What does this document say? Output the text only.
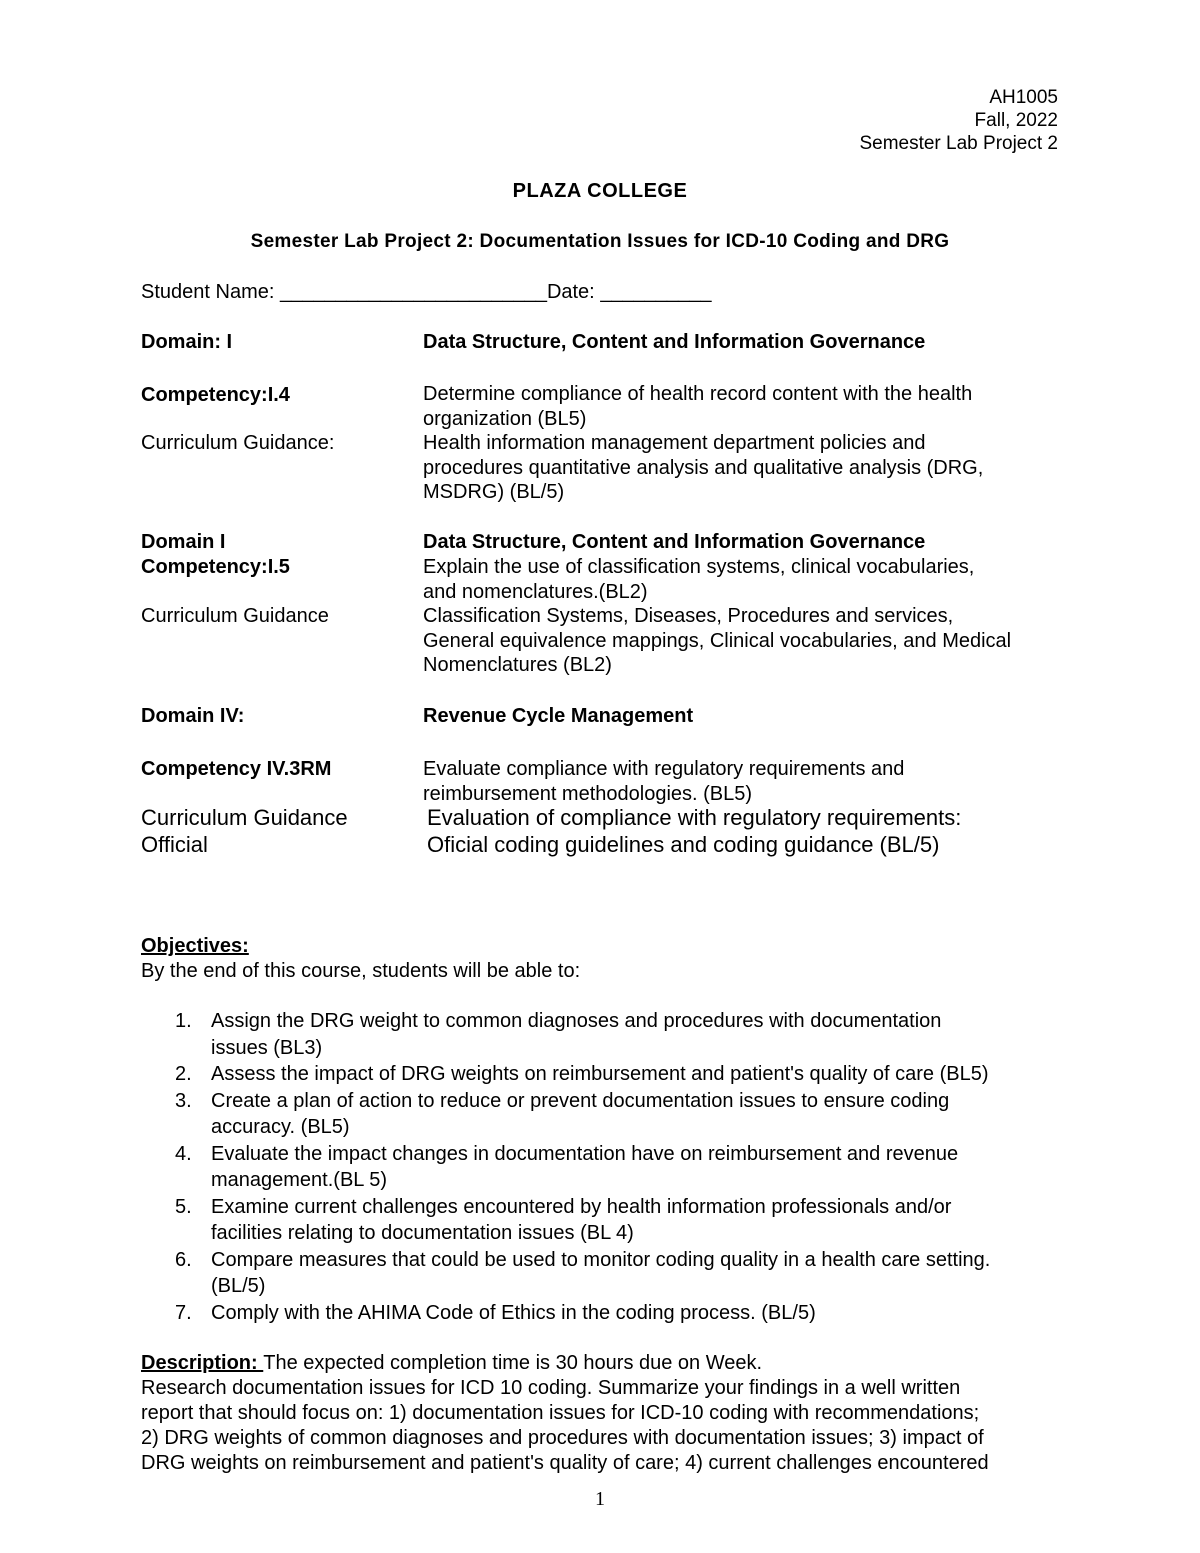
AH1005
Fall, 2022
Semester Lab Project 2
PLAZA COLLEGE
Semester Lab Project 2: Documentation Issues for ICD-10 Coding and DRG
Student Name: ________________________Date: __________
Domain: I	Data Structure, Content and Information Governance
Competency:I.4	Determine compliance of health record content with the health
organization (BL5)
Curriculum Guidance:	Health information management department policies and
procedures quantitative analysis and qualitative analysis (DRG,
MSDRG) (BL/5)
Domain I	Data Structure, Content and Information Governance
Competency:I.5	Explain the use of classification systems, clinical vocabularies,
and nomenclatures.(BL2)
Curriculum Guidance	Classification Systems, Diseases, Procedures and services,
General equivalence mappings, Clinical vocabularies, and Medical
Nomenclatures (BL2)
Domain IV:	Revenue Cycle Management
Competency IV.3RM	Evaluate compliance with regulatory requirements and
reimbursement methodologies. (BL5)
Curriculum Guidance	Evaluation of compliance with regulatory requirements:
Official	Oficial coding guidelines and coding guidance (BL/5)
Objectives:
By the end of this course, students will be able to:
1. Assign the DRG weight to common diagnoses and procedures with documentation
issues (BL3)
2. Assess the impact of DRG weights on reimbursement and patient's quality of care (BL5)
3. Create a plan of action to reduce or prevent documentation issues to ensure coding
accuracy. (BL5)
4. Evaluate the impact changes in documentation have on reimbursement and revenue
management.(BL 5)
5. Examine current challenges encountered by health information professionals and/or
facilities relating to documentation issues (BL 4)
6. Compare measures that could be used to monitor coding quality in a health care setting.
(BL/5)
7. Comply with the AHIMA Code of Ethics in the coding process. (BL/5)
Description: The expected completion time is 30 hours due on Week.
Research documentation issues for ICD 10 coding. Summarize your findings in a well written
report that should focus on: 1) documentation issues for ICD-10 coding with recommendations;
2) DRG weights of common diagnoses and procedures with documentation issues; 3) impact of
DRG weights on reimbursement and patient's quality of care; 4) current challenges encountered
1
